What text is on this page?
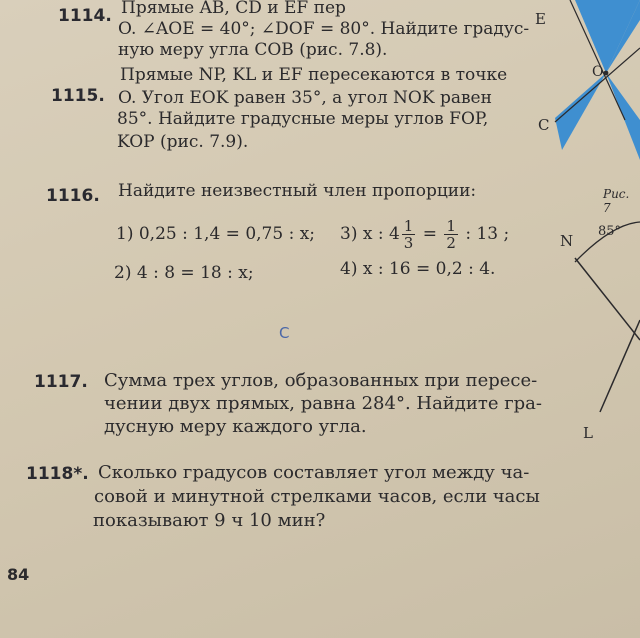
E
O
C
Рис. 7
N
85°
L
1114. Прямые AB, CD и EF пер
O. ∠AOE = 40°; ∠DOF = 80°. Найдите градус-
ную меру угла COB (рис. 7.8).
1115.
Прямые NP, KL и EF пересекаются в точке
O. Угол EOK равен 35°, а угол NOK равен
85°. Найдите градусные меры углов FOP,
KOP (рис. 7.9).
1116. Найдите неизвестный член пропорции:
1) 0,25 : 1,4 = 0,75 : x; 3) x : $4 \frac{1}{3} = \frac{1}{2}$ : 13 ;
2) 4 : 8 = 18 : x;	4) x : 16 = 0,2 : 4.
C
1117. Сумма трех углов, образованных при пересе-
чении двух прямых, равна 284°. Найдите гра-
дусную меру каждого угла.
1118*. Сколько градусов составляет угол между ча-
совой и минутной стрелками часов, если часы
показывают 9 ч 10 мин?
84
